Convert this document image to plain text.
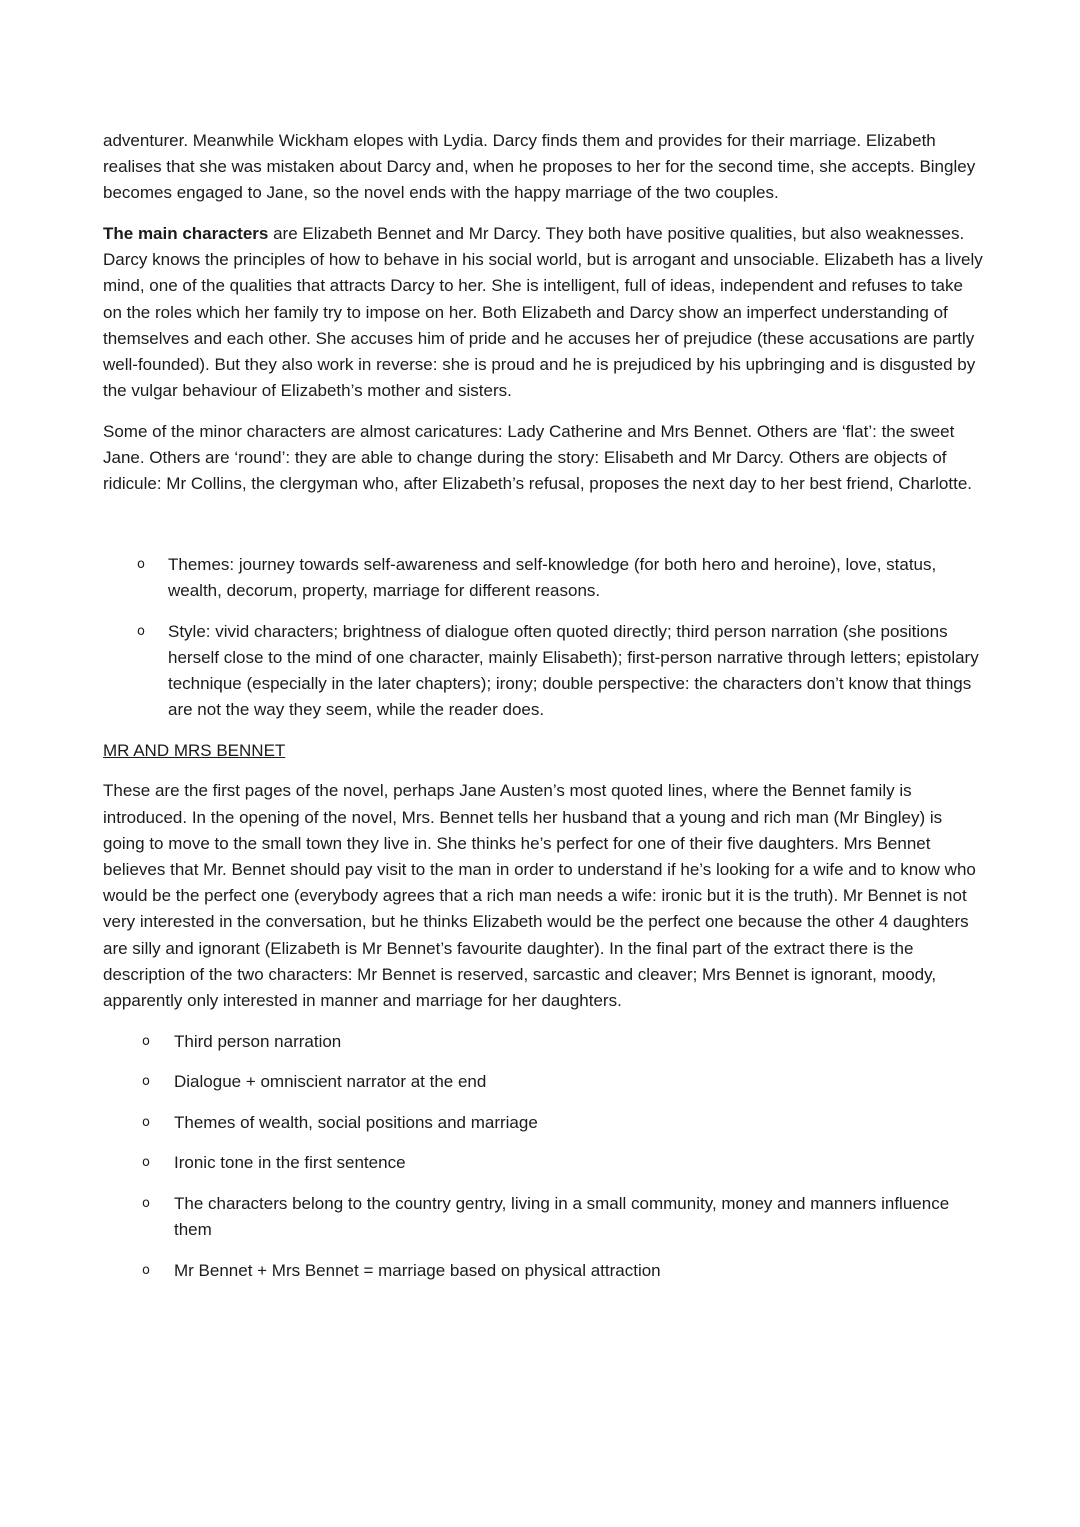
adventurer. Meanwhile Wickham elopes with Lydia. Darcy finds them and provides for their marriage. Elizabeth realises that she was mistaken about Darcy and, when he proposes to her for the second time, she accepts. Bingley becomes engaged to Jane, so the novel ends with the happy marriage of the two couples.

The main characters are Elizabeth Bennet and Mr Darcy. They both have positive qualities, but also weaknesses. Darcy knows the principles of how to behave in his social world, but is arrogant and unsociable. Elizabeth has a lively mind, one of the qualities that attracts Darcy to her. She is intelligent, full of ideas, independent and refuses to take on the roles which her family try to impose on her. Both Elizabeth and Darcy show an imperfect understanding of themselves and each other. She accuses him of pride and he accuses her of prejudice (these accusations are partly well-founded). But they also work in reverse: she is proud and he is prejudiced by his upbringing and is disgusted by the vulgar behaviour of Elizabeth’s mother and sisters.

Some of the minor characters are almost caricatures: Lady Catherine and Mrs Bennet. Others are ‘flat’: the sweet Jane. Others are ‘round’: they are able to change during the story: Elisabeth and Mr Darcy. Others are objects of ridicule: Mr Collins, the clergyman who, after Elizabeth’s refusal, proposes the next day to her best friend, Charlotte.

o Themes: journey towards self-awareness and self-knowledge (for both hero and heroine), love, status, wealth, decorum, property, marriage for different reasons.
o Style: vivid characters; brightness of dialogue often quoted directly; third person narration (she positions herself close to the mind of one character, mainly Elisabeth); first-person narrative through letters; epistolary technique (especially in the later chapters); irony; double perspective: the characters don’t know that things are not the way they seem, while the reader does.
MR AND MRS BENNET

These are the first pages of the novel, perhaps Jane Austen’s most quoted lines, where the Bennet family is introduced. In the opening of the novel, Mrs. Bennet tells her husband that a young and rich man (Mr Bingley) is going to move to the small town they live in. She thinks he’s perfect for one of their five daughters. Mrs Bennet believes that Mr. Bennet should pay visit to the man in order to understand if he’s looking for a wife and to know who would be the perfect one (everybody agrees that a rich man needs a wife: ironic but it is the truth). Mr Bennet is not very interested in the conversation, but he thinks Elizabeth would be the perfect one because the other 4 daughters are silly and ignorant (Elizabeth is Mr Bennet’s favourite daughter). In the final part of the extract there is the description of the two characters: Mr Bennet is reserved, sarcastic and cleaver; Mrs Bennet is ignorant, moody, apparently only interested in manner and marriage for her daughters.

o Third person narration
o Dialogue + omniscient narrator at the end
o Themes of wealth, social positions and marriage
o Ironic tone in the first sentence
o The characters belong to the country gentry, living in a small community, money and manners influence them
o Mr Bennet + Mrs Bennet = marriage based on physical attraction
